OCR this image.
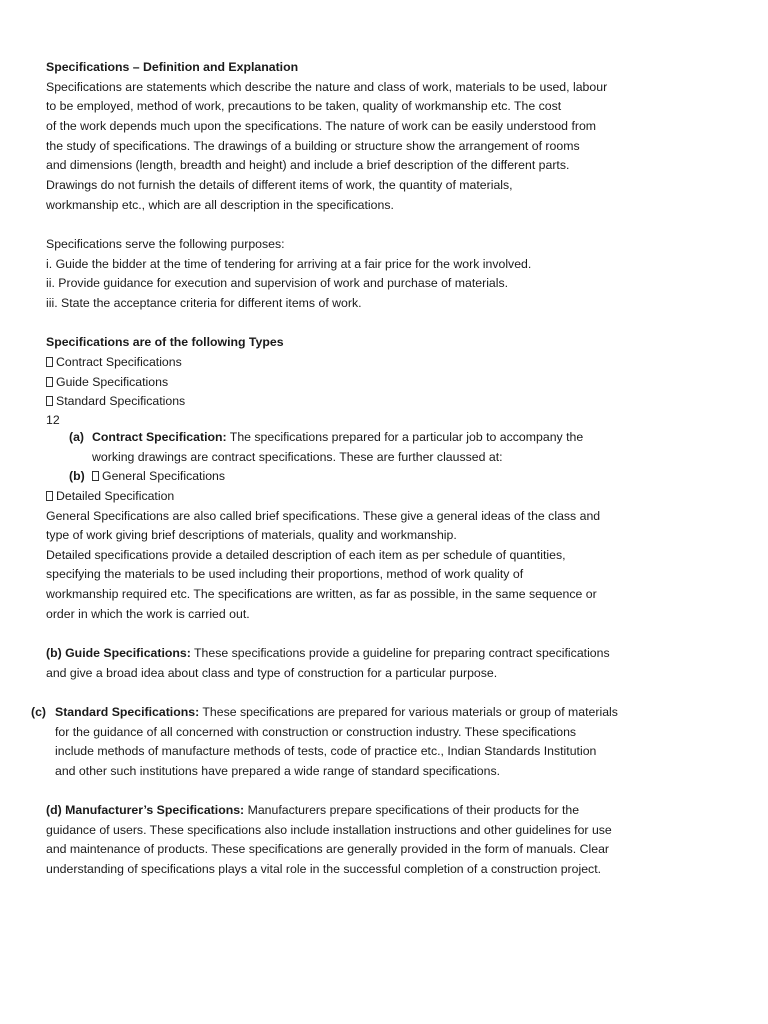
Specifications – Definition and Explanation
Specifications are statements which describe the nature and class of work, materials to be used, labour
to be employed, method of work, precautions to be taken, quality of workmanship etc. The cost
of the work depends much upon the specifications. The nature of work can be easily understood from
the study of specifications. The drawings of a building or structure show the arrangement of rooms
and dimensions (length, breadth and height) and include a brief description of the different parts.
Drawings do not furnish the details of different items of work, the quantity of materials,
workmanship etc., which are all description in the specifications.
Specifications serve the following purposes:
i. Guide the bidder at the time of tendering for arriving at a fair price for the work involved.
ii. Provide guidance for execution and supervision of work and purchase of materials.
iii. State the acceptance criteria for different items of work.
Specifications are of the following Types
Contract Specifications
Guide Specifications
Standard Specifications
12
(a) Contract Specification: The specifications prepared for a particular job to accompany the
working drawings are contract specifications. These are further claussed at:
(b)	General Specifications
Detailed Specification
General Specifications are also called brief specifications. These give a general ideas of the class and
type of work giving brief descriptions of materials, quality and workmanship.
Detailed specifications provide a detailed description of each item as per schedule of quantities,
specifying the materials to be used including their proportions, method of work quality of
workmanship required etc. The specifications are written, as far as possible, in the same sequence or
order in which the work is carried out.
(b) Guide Specifications: These specifications provide a guideline for preparing contract specifications
and give a broad idea about class and type of construction for a particular purpose.
(c) Standard Specifications: These specifications are prepared for various materials or group of materials
for the guidance of all concerned with construction or construction industry. These specifications
include methods of manufacture methods of tests, code of practice etc., Indian Standards Institution
and other such institutions have prepared a wide range of standard specifications.
(d) Manufacturer’s Specifications: Manufacturers prepare specifications of their products for the
guidance of users. These specifications also include installation instructions and other guidelines for use
and maintenance of products. These specifications are generally provided in the form of manuals. Clear
understanding of specifications plays a vital role in the successful completion of a construction project.
